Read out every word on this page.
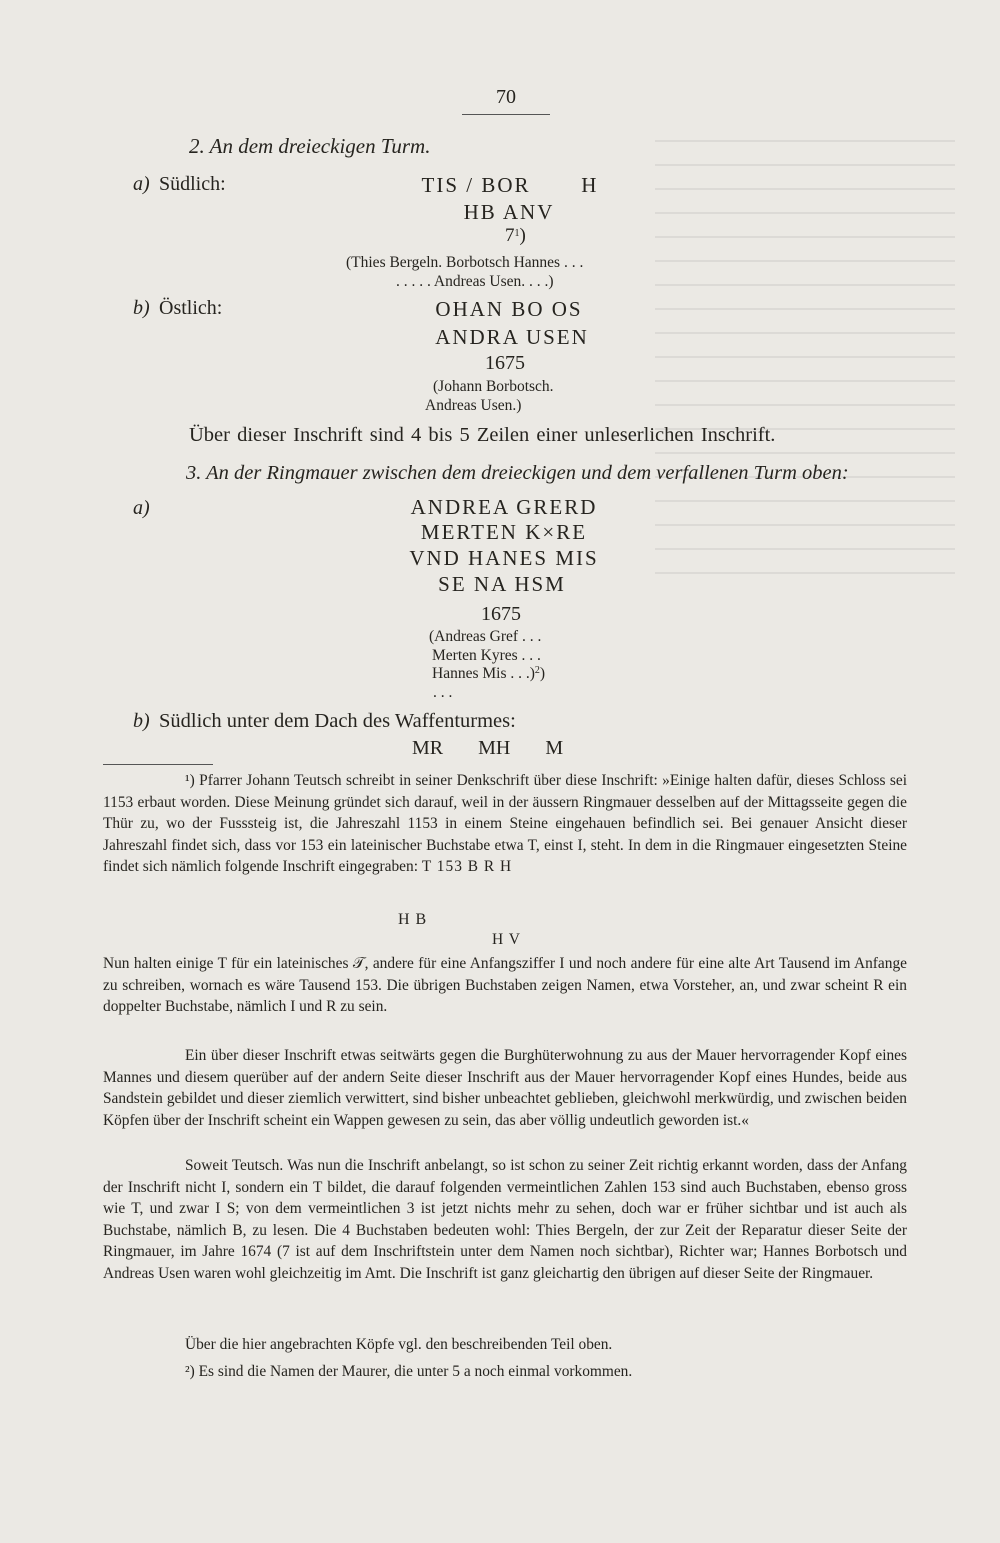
70
2. An dem dreieckigen Turm.
a) Südlich:	TIS / BOR       H
HB ANV
$7^1$)
(Thies Bergeln. Borbotsch Hannes . . .
. . . . . Andreas Usen. . . .)
b) Östlich:	OHAN BO OS
ANDRA USEN
1675
(Johann Borbotsch.
Andreas Usen.)
Über dieser Inschrift sind 4 bis 5 Zeilen einer unleserlichen Inschrift.
3. An der Ringmauer zwischen dem dreieckigen und dem verfallenen Turm oben:
a)	ANDREA GRERD
MERTEN K×RE
VND HANES MIS
SE NA HSM
1675
(Andreas Gref . . .
Merten Kyres . . .
Hannes Mis . . .)$^2$)
. . .
b) Südlich unter dem Dach des Waffenturmes:
MR       MH       M

¹) Pfarrer Johann Teutsch schreibt in seiner Denkschrift über diese Inschrift: »Einige halten dafür, dieses Schloss sei 1153 erbaut worden. Diese Meinung gründet sich darauf, weil in der äussern Ringmauer desselben auf der Mittagsseite gegen die Thür zu, wo der Fusssteig ist, die Jahreszahl 1153 in einem Steine eingehauen befindlich sei. Bei genauer Ansicht dieser Jahreszahl findet sich, dass vor 153 ein lateinischer Buchstabe etwa T, einst I, steht. In dem in die Ringmauer eingesetzten Steine findet sich nämlich folgende Inschrift eingegraben: T 153 B R H

H B
H V

Nun halten einige T für ein lateinisches 𝒯, andere für eine Anfangsziffer I und noch andere für eine alte Art Tausend im Anfange zu schreiben, wornach es wäre Tausend 153. Die übrigen Buchstaben zeigen Namen, etwa Vorsteher, an, und zwar scheint R ein doppelter Buchstabe, nämlich I und R zu sein.

Ein über dieser Inschrift etwas seitwärts gegen die Burghüterwohnung zu aus der Mauer hervorragender Kopf eines Mannes und diesem querüber auf der andern Seite dieser Inschrift aus der Mauer hervorragender Kopf eines Hundes, beide aus Sandstein gebildet und dieser ziemlich verwittert, sind bisher unbeachtet geblieben, gleichwohl merkwürdig, und zwischen beiden Köpfen über der Inschrift scheint ein Wappen gewesen zu sein, das aber völlig undeutlich geworden ist.«

Soweit Teutsch. Was nun die Inschrift anbelangt, so ist schon zu seiner Zeit richtig erkannt worden, dass der Anfang der Inschrift nicht I, sondern ein T bildet, die darauf folgenden vermeintlichen Zahlen 153 sind auch Buchstaben, ebenso gross wie T, und zwar I S; von dem vermeintlichen 3 ist jetzt nichts mehr zu sehen, doch war er früher sichtbar und ist auch als Buchstabe, nämlich B, zu lesen. Die 4 Buchstaben bedeuten wohl: Thies Bergeln, der zur Zeit der Reparatur dieser Seite der Ringmauer, im Jahre 1674 (7 ist auf dem Inschriftstein unter dem Namen noch sichtbar), Richter war; Hannes Borbotsch und Andreas Usen waren wohl gleichzeitig im Amt. Die Inschrift ist ganz gleichartig den übrigen auf dieser Seite der Ringmauer.

Über die hier angebrachten Köpfe vgl. den beschreibenden Teil oben.

²) Es sind die Namen der Maurer, die unter 5 a noch einmal vorkommen.
